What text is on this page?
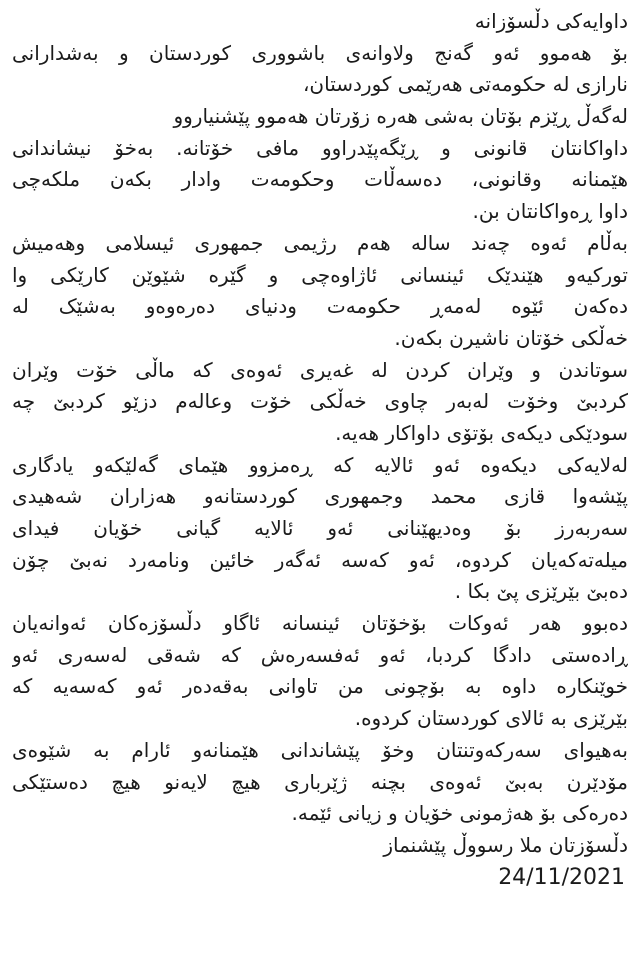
داوایەکی دڵسۆزانە
بۆ هەموو ئەو گەنج ولاوانەی باشووری کوردستان و بەشدارانی
نارازی لە حکومەتی هەرێمی کوردستان،
لەگەڵ ڕێزم بۆتان بەشی هەرە زۆرتان هەموو پێشنیاروو
داواکانتان قانونی و ڕێگەپێدراوو مافی خۆتانە. بەخۆ نیشاندانی
هێمنانە وقانونی، دەسەڵات وحکومەت وادار بکەن ملکەچی
داوا ڕەواکانتان بن.
بەڵام ئەوە چەند سالە هەم رژیمی جمهوری ئیسلامی وهەمیش
تورکیەو هێندێک ئینسانی ئاژاوەچی و گێرە شێوێن کارێکی وا
دەکەن ئێوە لەمەڕ حکومەت ودنیای دەرەوەو بەشێک لە
خەڵکی خۆتان ناشیرن بکەن.
سوتاندن و وێران کردن لە غەیری ئەوەی کە ماڵی خۆت وێران
کردبێ وخۆت لەبەر چاوی خەڵکی خۆت وعالەم دزێو کردبێ چە
سودێکی دیکەی بۆتۆی داواکار هەیە.
لەلایەکی دیکەوە ئەو ئالایە کە ڕەمزوو هێمای گەلێکەو یادگاری
پێشەوا قازی محمد وجمهوری کوردستانەو هەزاران شەهیدی
سەربەرز بۆ وەدیهێنانی ئەو ئالایە گیانی خۆیان فیدای
میلەتەکەیان کردوە، ئەو کەسە ئەگەر خائین ونامەرد نەبێ چۆن
دەبێ بێرێزی پێ بکا .
دەبوو هەر ئەوکات بۆخۆتان ئینسانە ئاگاو دڵسۆزەکان ئەوانەیان
ڕادەستی دادگا کردبا، ئەو ئەفسەرەش کە شەقی لەسەری ئەو
خوێنکارە داوە بە بۆچونی من تاوانی بەقەدەر ئەو کەسەیە کە
بێرێزی بە ئالای کوردستان کردوە.
بەهیوای سەرکەوتنتان وخۆ پێشاندانی هێمنانەو ئارام بە شێوەی
مۆدێرن بەبێ ئەوەی بچنە ژێرباری هیچ لایەنو هیچ دەستێکی
دەرەکی بۆ هەژمونی خۆیان و زیانی ئێمە.
دڵسۆزتان ملا رسووڵ پێشنماز
24/11/2021
